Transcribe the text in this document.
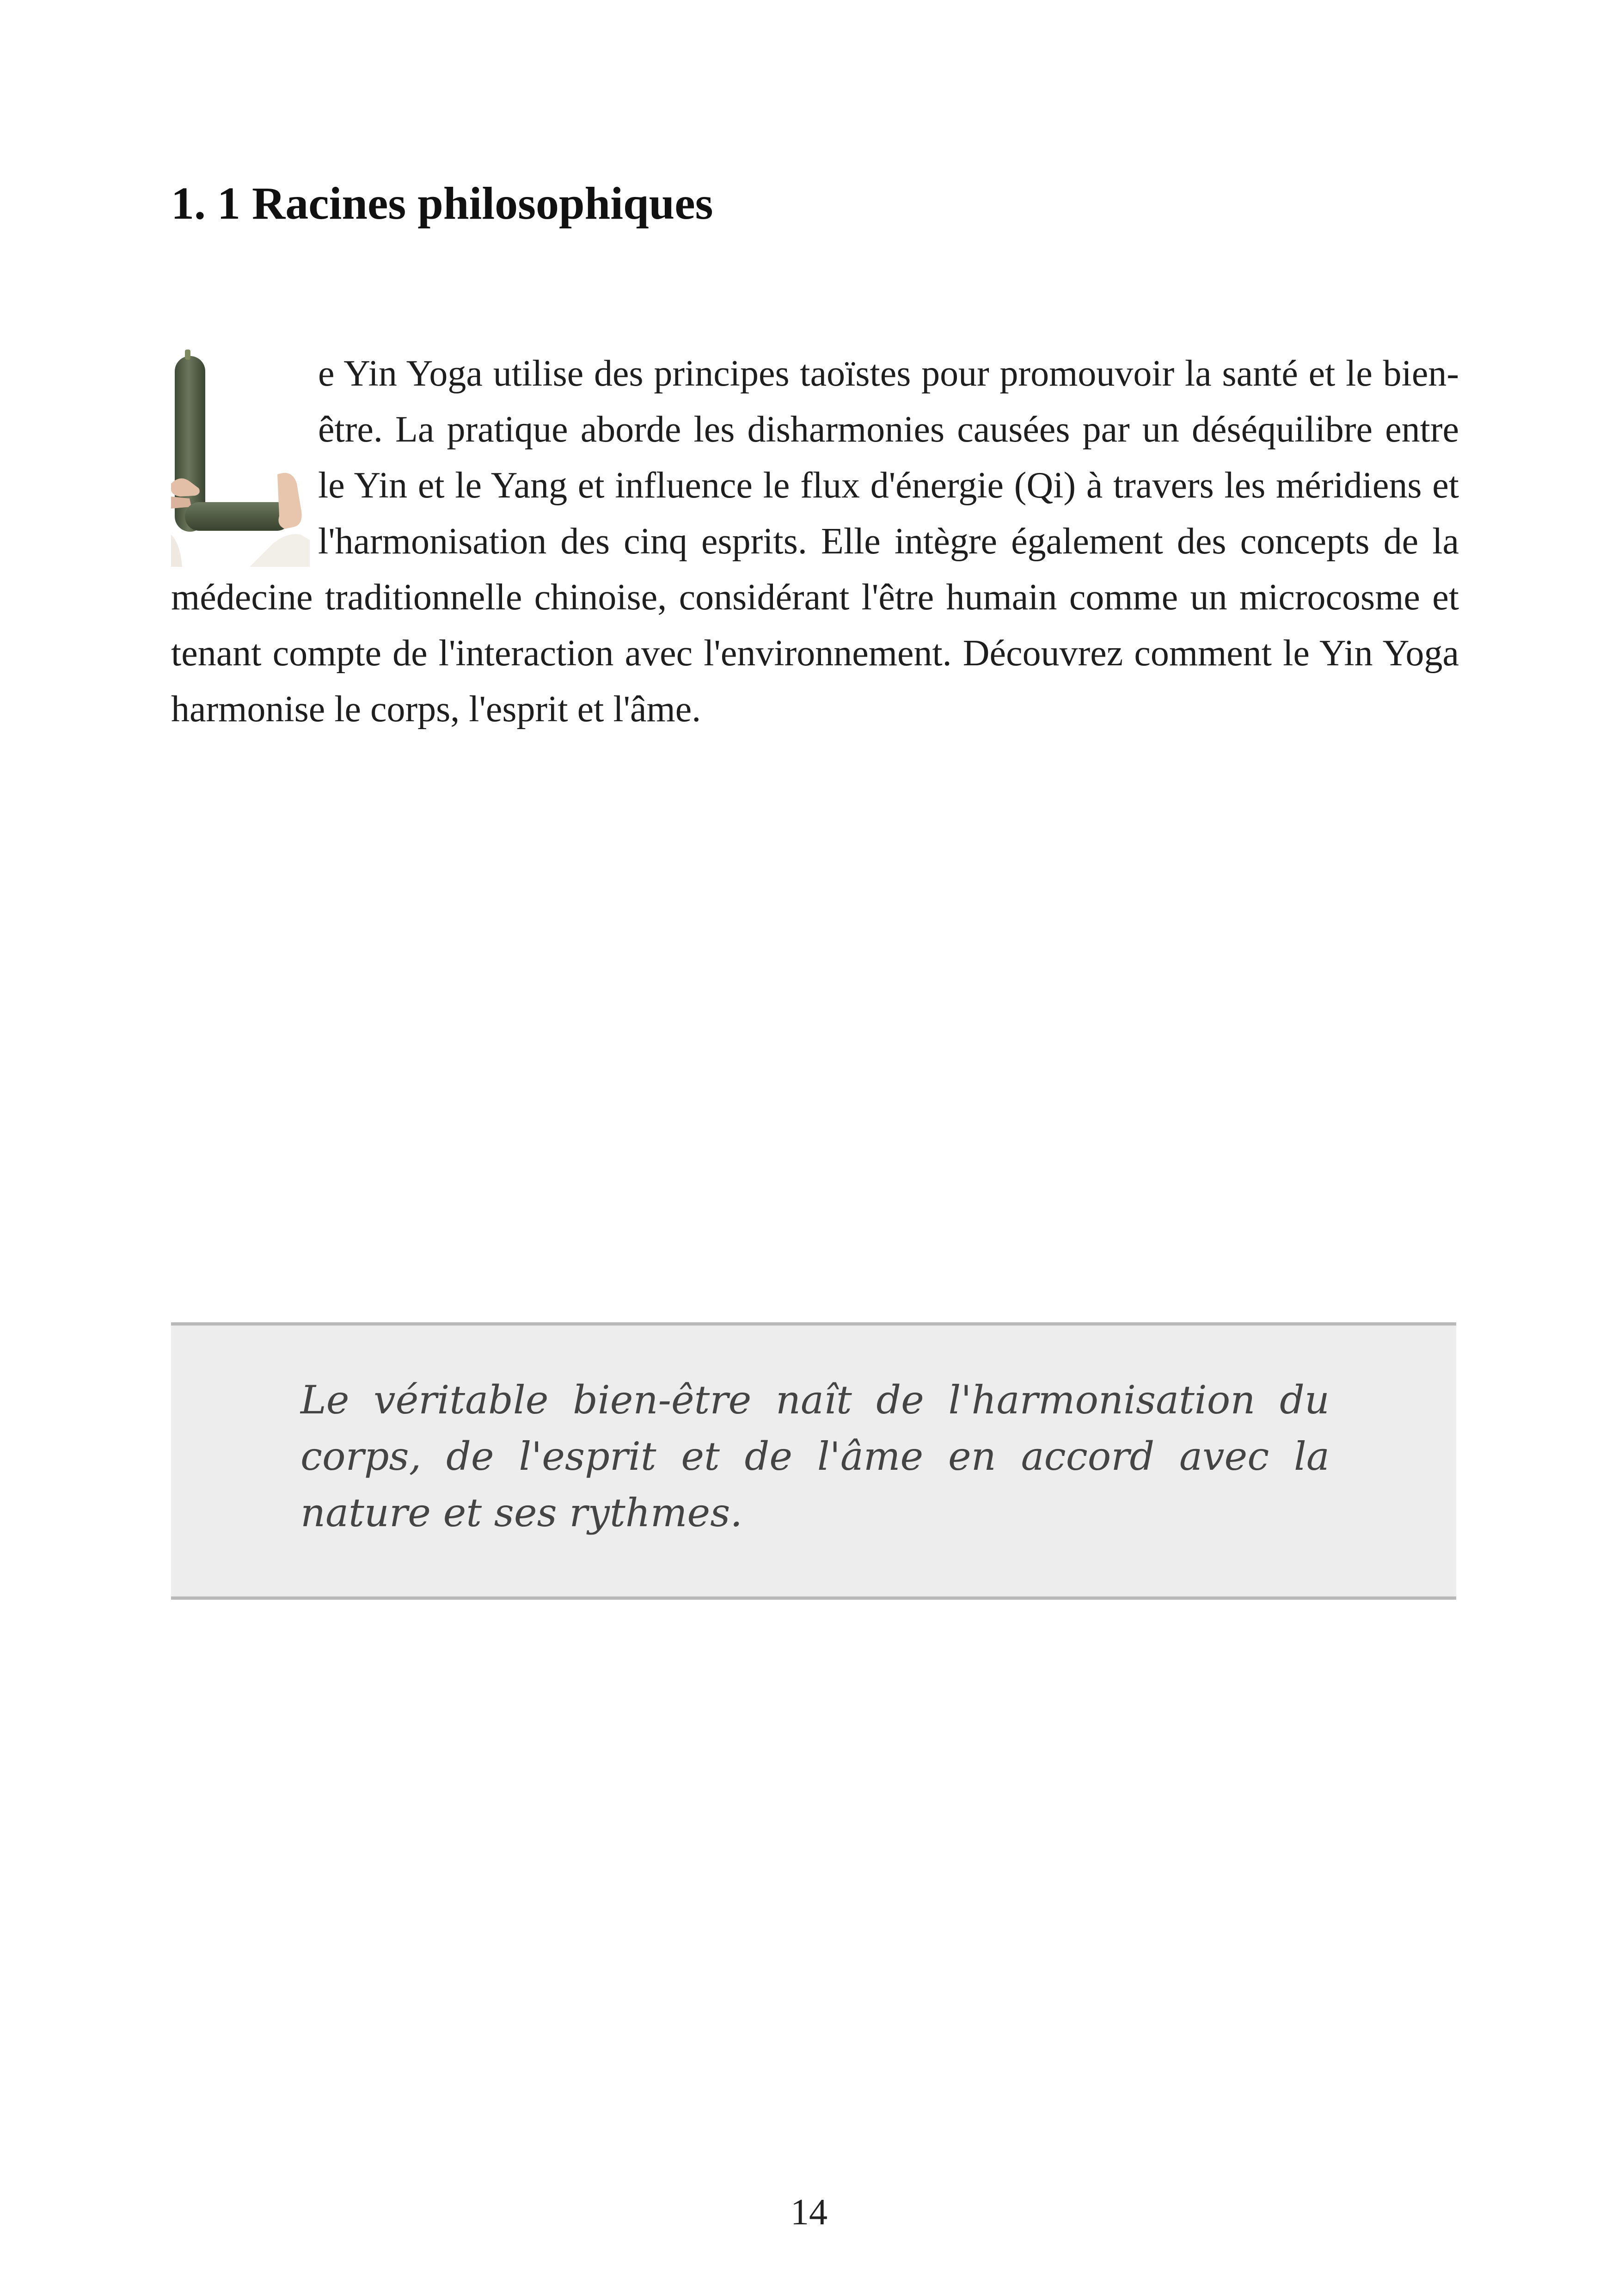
1. 1 Racines philosophiques

e Yin Yoga utilise des principes taoïstes pour promouvoir la santé et le bien-être. La pratique aborde les disharmonies causées par un déséquilibre entre le Yin et le Yang et influence le flux d'énergie (Qi) à travers les méridiens et l'harmonisation des cinq esprits. Elle intègre également des concepts de la médecine traditionnelle chinoise, considérant l'être humain comme un microcosme et tenant compte de l'interaction avec l'environnement. Découvrez comment le Yin Yoga harmonise le corps, l'esprit et l'âme.

Le véritable bien-être naît de l'harmonisation du corps, de l'esprit et de l'âme en accord avec la nature et ses rythmes.

14
